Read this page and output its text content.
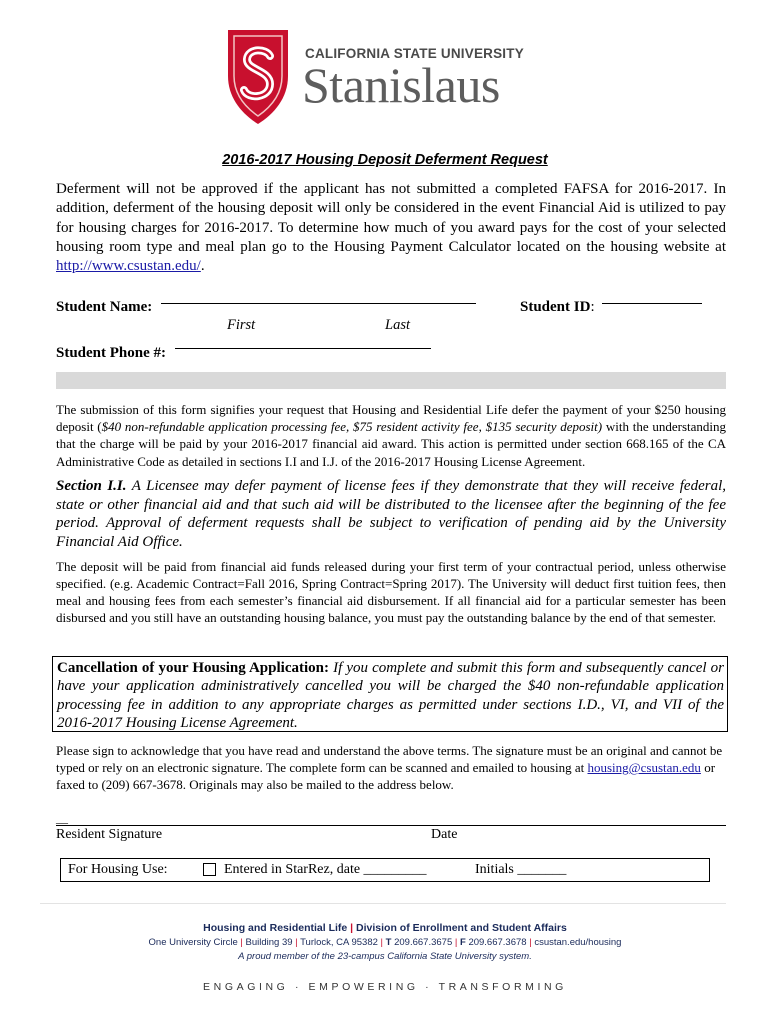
CALIFORNIA STATE UNIVERSITY
Stanislaus
2016-2017 Housing Deposit Deferment Request
Deferment will not be approved if the applicant has not submitted a completed FAFSA for 2016-2017. In addition, deferment of the housing deposit will only be considered in the event Financial Aid is utilized to pay for housing charges for 2016-2017. To determine how much of you award pays for the cost of your selected housing room type and meal plan go to the Housing Payment Calculator located on the housing website at http://www.csustan.edu/.
Student Name:
First	Last
Student ID:
Student Phone #:
The submission of this form signifies your request that Housing and Residential Life defer the payment of your $250 housing deposit ($40 non-refundable application processing fee, $75 resident activity fee, $135 security deposit) with the understanding that the charge will be paid by your 2016-2017 financial aid award. This action is permitted under section 668.165 of the CA Administrative Code as detailed in sections I.I and I.J. of the 2016-2017 Housing License Agreement.
Section I.I. A Licensee may defer payment of license fees if they demonstrate that they will receive federal, state or other financial aid and that such aid will be distributed to the licensee after the beginning of the fee period. Approval of deferment requests shall be subject to verification of pending aid by the University Financial Aid Office.
The deposit will be paid from financial aid funds released during your first term of your contractual period, unless otherwise specified. (e.g. Academic Contract=Fall 2016, Spring Contract=Spring 2017). The University will deduct first tuition fees, then meal and housing fees from each semester’s financial aid disbursement. If all financial aid for a particular semester has been disbursed and you still have an outstanding housing balance, you must pay the outstanding balance by the end of that semester.
Cancellation of your Housing Application: If you complete and submit this form and subsequently cancel or have your application administratively cancelled you will be charged the $40 non-refundable application processing fee in addition to any appropriate charges as permitted under sections I.D., VI, and VII of the 2016-2017 Housing License Agreement.
Please sign to acknowledge that you have read and understand the above terms. The signature must be an original and cannot be typed or rely on an electronic signature. The complete form can be scanned and emailed to housing at housing@csustan.edu or faxed to (209) 667-3678. Originals may also be mailed to the address below.
__
Resident Signature	Date
For Housing Use:	Entered in StarRez, date _________	Initials _______
Housing and Residential Life | Division of Enrollment and Student Affairs
One University Circle | Building 39 | Turlock, CA 95382 | T 209.667.3675 | F 209.667.3678 | csustan.edu/housing
A proud member of the 23-campus California State University system.
ENGAGING · EMPOWERING · TRANSFORMING
